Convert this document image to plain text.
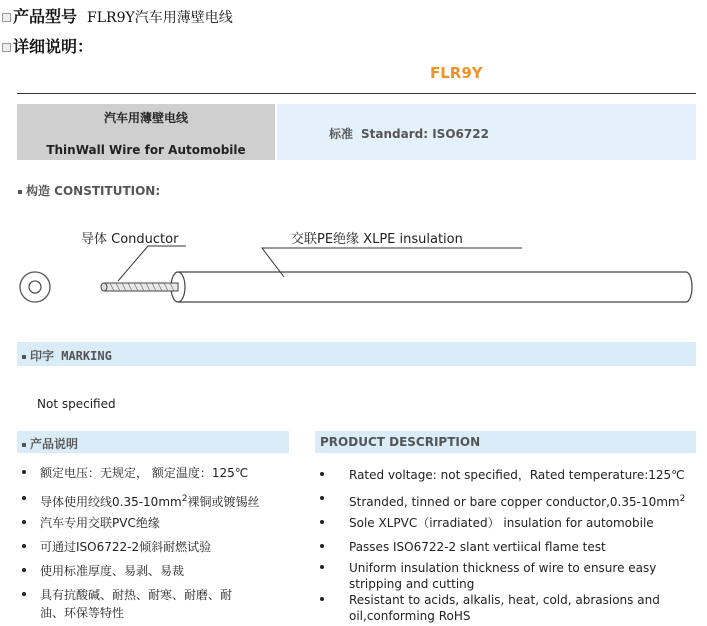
产品型号 FLR9Y汽车用薄壁电线
详细说明：
FLR9Y
汽车用薄壁电线
ThinWall Wire for Automobile
标准 Standard: ISO6722
构造 CONSTITUTION:
导体 Conductor	交联PE绝缘 XLPE insulation
印字 MARKING
Not specified
产品说明	PRODUCT DESCRIPTION
额定电压：无规定， 额定温度：125℃
导体使用绞线$0.35-10mm^2$裸铜或镀锡丝
汽车专用交联PVC绝缘
可通过ISO6722-2倾斜耐燃试验
使用标准厚度、易剥、易裁
具有抗酸碱、耐热、耐寒、耐磨、耐
油、环保等特性
Rated voltage: not specified，Rated temperature:125℃
Stranded, tinned or bare copper $conductor,0.35-10mm^2$
Sole XLPVC（irradiated） insulation for automobile
Passes ISO6722-2 slant vertiical flame test
Uniform insulation thickness of wire to ensure easy
stripping and cutting
Resistant to acids, alkalis, heat, cold, abrasions and
oil,conforming RoHS
